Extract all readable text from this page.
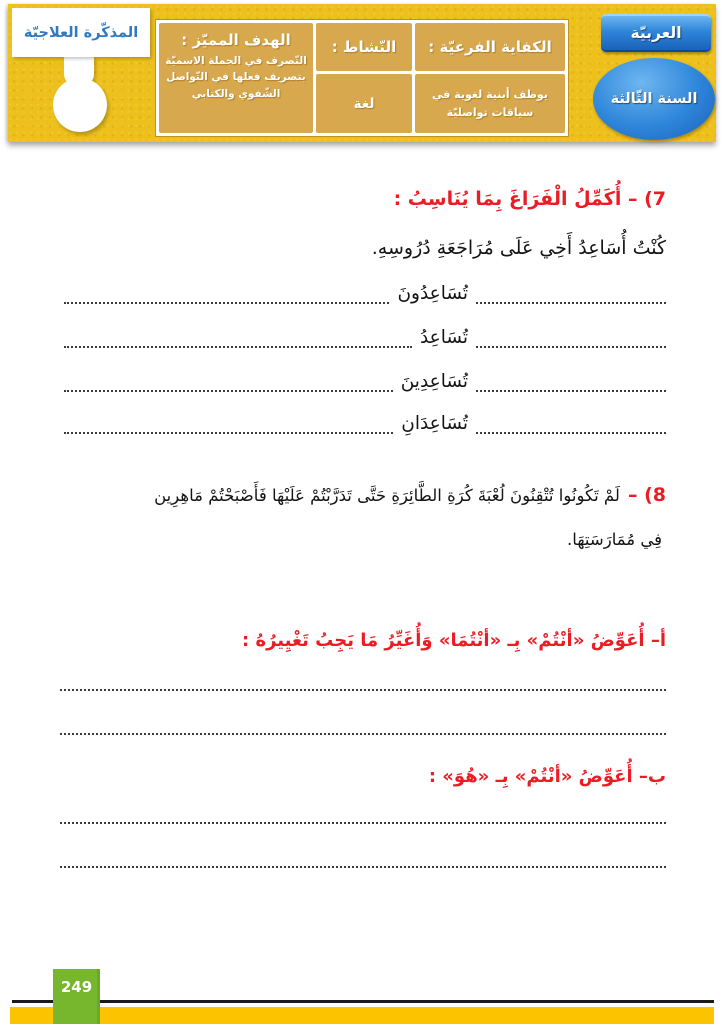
الكفاية الفرعيّة :
النّشاط :
الهدف المميّز :
التّصرف في الجملة الاسميّة بتصريف فعلها في التّواصل الشّفوي والكتابي	يوظف أبنية لغوية في سياقات تواصليّة
لغة
العربيّة
السنة الثّالثة
المذكّرة العلاجيّة
7) – أُكَمِّلُ الْفَرَاغَ بِمَا يُنَاسِبُ :
كُنْتُ أُسَاعِدُ أَخِي عَلَى مُرَاجَعَةِ دُرُوسِهِ.
تُسَاعِدُونَ
تُسَاعِدُ
تُسَاعِدِينَ
تُسَاعِدَانِ
8) –
لَمْ تَكُونُوا تُتْقِنُونَ لُعْبَةَ كُرَةِ الطَّائِرَةِ حَتَّى تَدَرَّبْتُمْ عَلَيْهَا فَأَصْبَحْتُمْ مَاهِرِين
فِي مُمَارَسَتِهَا.
أ– أُعَوِّضُ «أنْتُمْ» بِـ «أنْتُمَا» وَأُغَيِّرُ مَا يَجِبُ تَغْيِيرُهُ :
ب– أُعَوِّضُ «أنْتُمْ» بِـ «هُوَ» :
249
